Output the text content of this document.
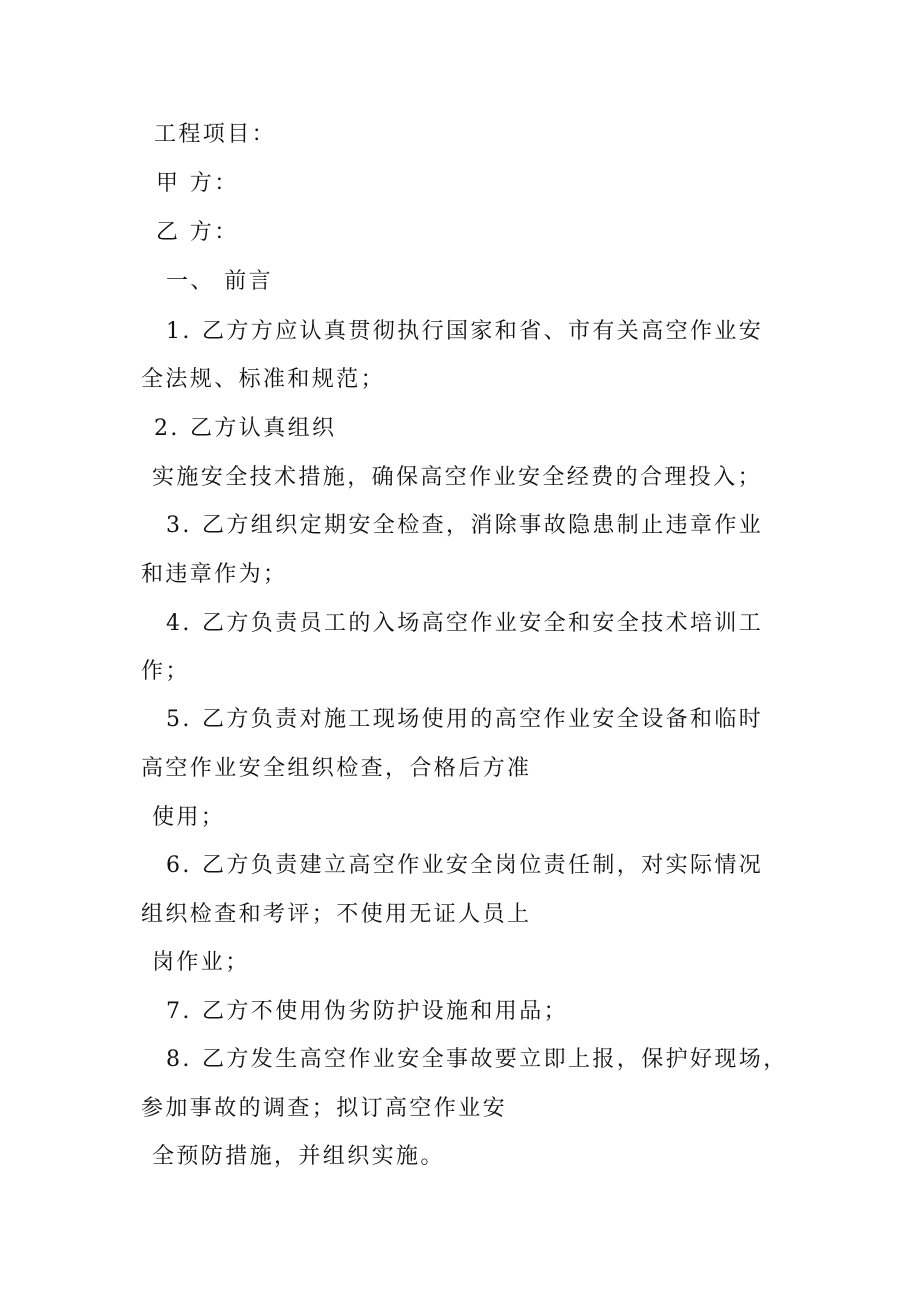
工程项目：
甲 方：
乙 方：
一、 前言
1. 乙方方应认真贯彻执行国家和省、市有关高空作业安
全法规、标准和规范；
2. 乙方认真组织
实施安全技术措施，确保高空作业安全经费的合理投入；
3. 乙方组织定期安全检查，消除事故隐患制止违章作业
和违章作为；
4. 乙方负责员工的入场高空作业安全和安全技术培训工
作；
5. 乙方负责对施工现场使用的高空作业安全设备和临时
高空作业安全组织检查，合格后方准
使用；
6. 乙方负责建立高空作业安全岗位责任制，对实际情况
组织检查和考评；不使用无证人员上
岗作业；
7. 乙方不使用伪劣防护设施和用品；
8. 乙方发生高空作业安全事故要立即上报，保护好现场，
参加事故的调查；拟订高空作业安
全预防措施，并组织实施。
